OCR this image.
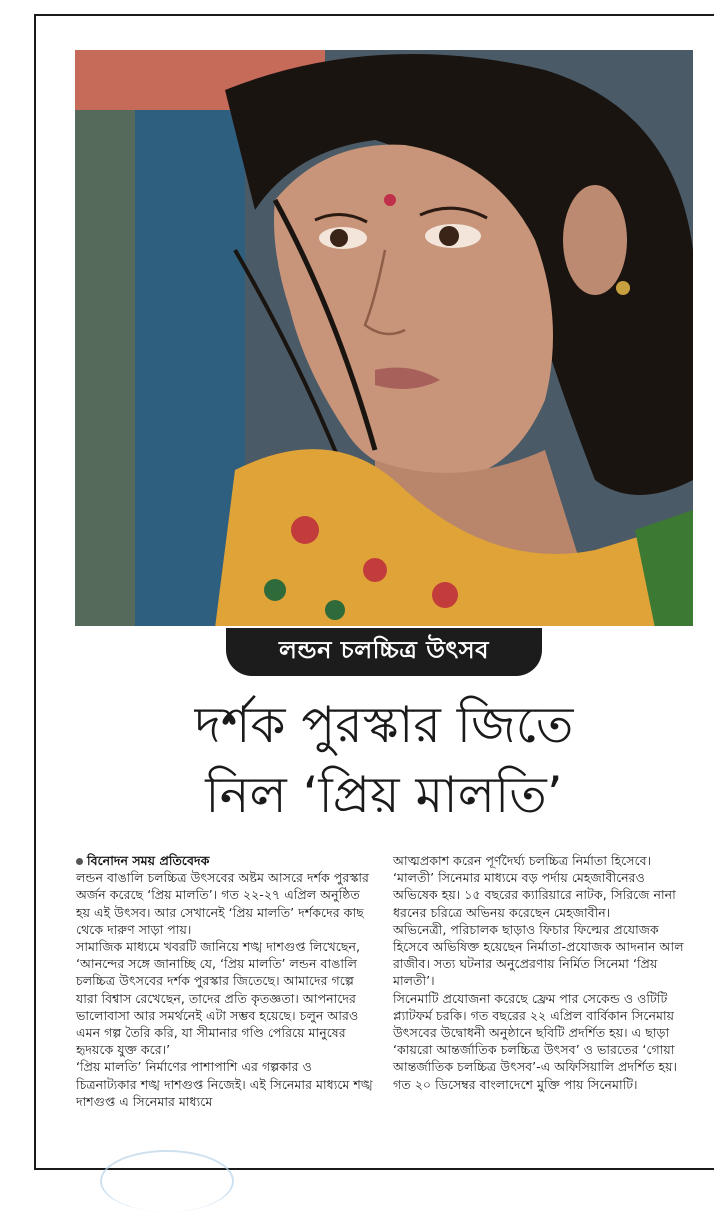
লন্ডন চলচ্চিত্র উৎসব
দর্শক পুরস্কার জিতে
নিল ‘প্রিয় মালতি’

বিনোদন সময় প্রতিবেদক

লন্ডন বাঙালি চলচ্চিত্র উৎসবের অষ্টম আসরে দর্শক পুরস্কার অর্জন করেছে ‘প্রিয় মালতি’। গত ২২-২৭ এপ্রিল অনুষ্ঠিত হয় এই উৎসব। আর সেখানেই ‘প্রিয় মালতি’ দর্শকদের কাছ থেকে দারুণ সাড়া পায়।

সামাজিক মাধ্যমে খবরটি জানিয়ে শঙ্খ দাশগুপ্ত লিখেছেন, ‘আনন্দের সঙ্গে জানাচ্ছি যে, ‘প্রিয় মালতি’ লন্ডন বাঙালি চলচ্চিত্র উৎসবের দর্শক পুরস্কার জিতেছে। আমাদের গল্পে যারা বিশ্বাস রেখেছেন, তাদের প্রতি কৃতজ্ঞতা। আপনাদের ভালোবাসা আর সমর্থনেই এটা সম্ভব হয়েছে। চলুন আরও এমন গল্প তৈরি করি, যা সীমানার গণ্ডি পেরিয়ে মানুষের হৃদয়কে যুক্ত করে।’

‘প্রিয় মালতি’ নির্মাণের পাশাপাশি এর গল্পকার ও চিত্রনাট্যকার শঙ্খ দাশগুপ্ত নিজেই। এই সিনেমার মাধ্যমে শঙ্খ দাশগুপ্ত এ সিনেমার মাধ্যমে

আত্মপ্রকাশ করেন পূর্ণদৈর্ঘ্য চলচ্চিত্র নির্মাতা হিসেবে। ‘মালতী’ সিনেমার মাধ্যমে বড় পর্দায় মেহজাবীনেরও অভিষেক হয়। ১৫ বছরের ক্যারিয়ারে নাটক, সিরিজে নানা ধরনের চরিত্রে অভিনয় করেছেন মেহজাবীন।

অভিনেত্রী, পরিচালক ছাড়াও ফিচার ফিল্মের প্রযোজক হিসেবে অভিষিক্ত হয়েছেন নির্মাতা-প্রযোজক আদনান আল রাজীব। সত্য ঘটনার অনুপ্রেরণায় নির্মিত সিনেমা ‘প্রিয় মালতী’।

সিনেমাটি প্রযোজনা করেছে ফ্রেম পার সেকেন্ড ও ওটিটি প্ল্যাটফর্ম চরকি। গত বছরের ২২ এপ্রিল বার্বিকান সিনেমায় উৎসবের উদ্বোধনী অনুষ্ঠানে ছবিটি প্রদর্শিত হয়। এ ছাড়া ‘কায়রো আন্তর্জাতিক চলচ্চিত্র উৎসব’ ও ভারতের ‘গোয়া আন্তর্জাতিক চলচ্চিত্র উৎসব’-এ অফিসিয়ালি প্রদর্শিত হয়। গত ২০ ডিসেম্বর বাংলাদেশে মুক্তি পায় সিনেমাটি।
